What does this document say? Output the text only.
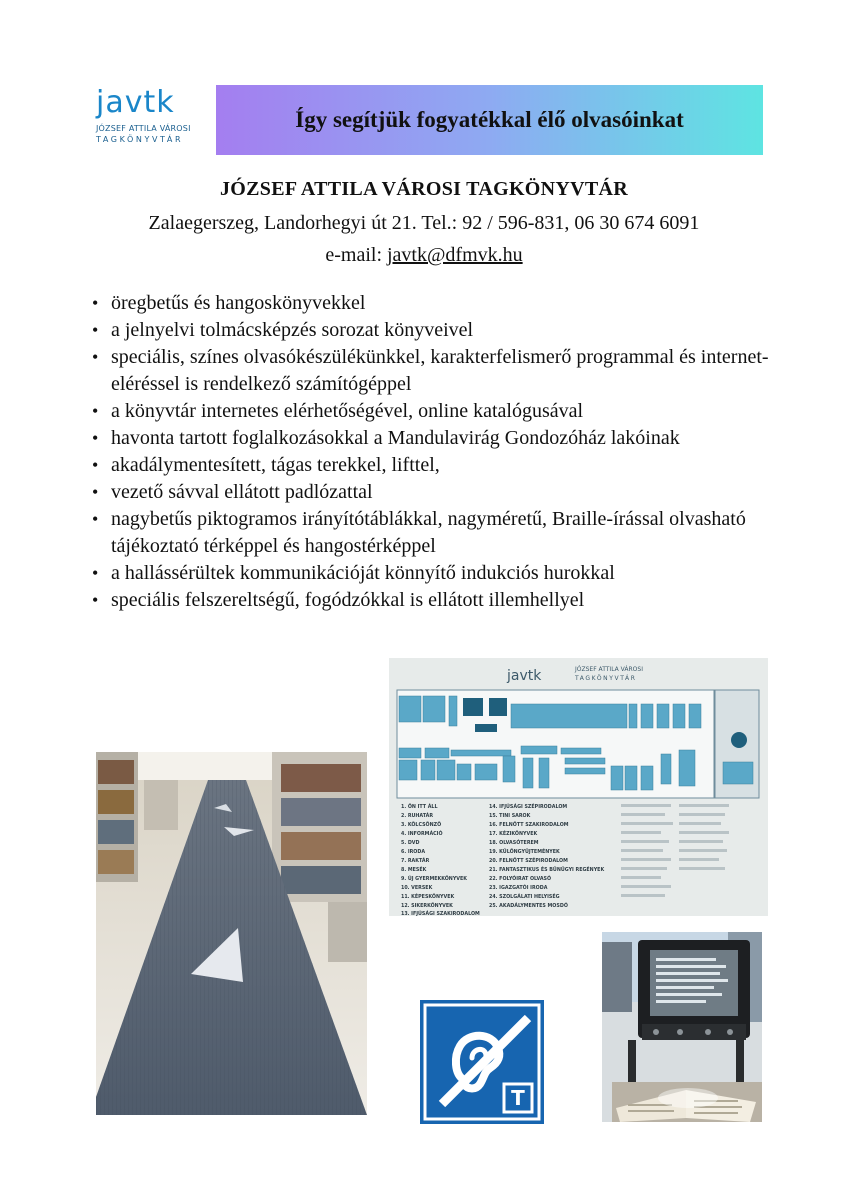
javtk
JÓZSEF ATTILA VÁROSI
TAGKÖNYVTÁR
Így segítjük fogyatékkal élő olvasóinkat
JÓZSEF ATTILA VÁROSI TAGKÖNYVTÁR
Zalaegerszeg, Landorhegyi út 21. Tel.: 92 / 596-831, 06 30 674 6091
e-mail: javtk@dfmvk.hu
• öregbetűs és hangoskönyvekkel
• a jelnyelvi tolmácsképzés sorozat könyveivel
• speciális, színes olvasókészülékünkkel, karakterfelismerő programmal és internet-eléréssel is rendelkező számítógéppel
• a könyvtár internetes elérhetőségével, online katalógusával
• havonta tartott foglalkozásokkal a Mandulavirág Gondozóház lakóinak
• akadálymentesített, tágas terekkel, lifttel,
• vezető sávval ellátott padlózattal
• nagybetűs piktogramos irányítótáblákkal, nagyméretű, Braille-írással olvasható tájékoztató térképpel és hangostérképpel
• a hallássérültek kommunikációját könnyítő indukciós hurokkal
• speciális felszereltségű, fogódzókkal is ellátott illemhellyel
javtk	JÓZSEF ATTILA VÁROSI
TAGKÖNYVTÁR
1. ÖN ITT ÁLL
2. RUHATÁR
3. KÖLCSÖNZŐ
4. INFORMÁCIÓ
5. DVD
6. IRODA
7. RAKTÁR
8. MESÉK
9. ÚJ GYERMEKKÖNYVEK
10. VERSEK
11. KÉPESKÖNYVEK
12. SIKERKÖNYVEK
13. IFJÚSÁGI SZAKIRODALOM
14. IFJÚSÁGI SZÉPIRODALOM
15. TINI SAROK
16. FELNŐTT SZAKIRODALOM
17. KÉZIKÖNYVEK
18. OLVASÓTEREM
19. KÜLÖNGYŰJTEMÉNYEK
20. FELNŐTT SZÉPIRODALOM
21. FANTASZTIKUS ÉS BŰNÜGYI REGÉNYEK
22. FOLYÓIRAT OLVASÓ
23. IGAZGATÓI IRODA
24. SZOLGÁLATI HELYISÉG
25. AKADÁLYMENTES MOSDÓ
T
